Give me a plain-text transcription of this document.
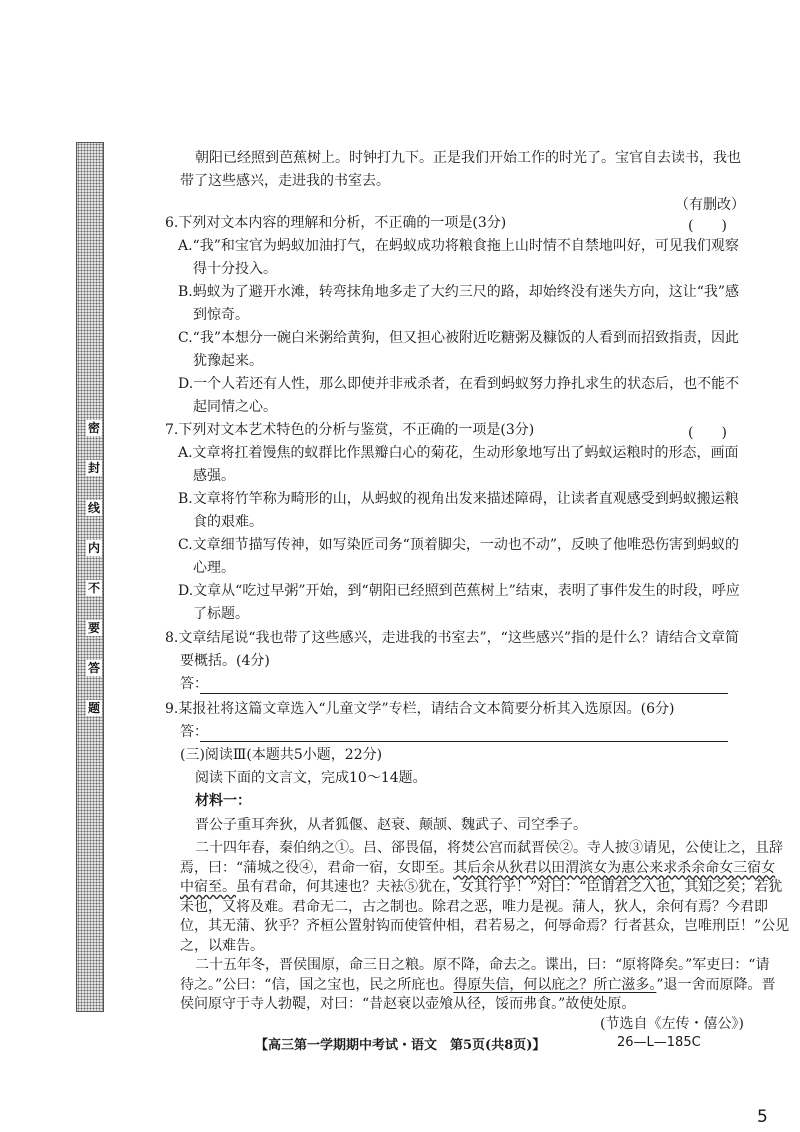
密
封
线
内
不
要
答
题
朝阳已经照到芭蕉树上。时钟打九下。正是我们开始工作的时光了。宝官自去读书，我也
带了这些感兴，走进我的书室去。
（有删改）
6.下列对文本内容的理解和分析，不正确的一项是(3分)	(　　)
A.“我”和宝官为蚂蚁加油打气，在蚂蚁成功将粮食拖上山时情不自禁地叫好，可见我们观察
得十分投入。
B.蚂蚁为了避开水滩，转弯抹角地多走了大约三尺的路，却始终没有迷失方向，这让“我”感
到惊奇。
C.“我”本想分一碗白米粥给黄狗，但又担心被附近吃糖粥及糠饭的人看到而招致指责，因此
犹豫起来。
D.一个人若还有人性，那么即使并非戒杀者，在看到蚂蚁努力挣扎求生的状态后，也不能不
起同情之心。
7.下列对文本艺术特色的分析与鉴赏，不正确的一项是(3分)	(　　)
A.文章将扛着馒焦的蚁群比作黑瓣白心的菊花，生动形象地写出了蚂蚁运粮时的形态，画面
感强。
B.文章将竹竿称为畸形的山，从蚂蚁的视角出发来描述障碍，让读者直观感受到蚂蚁搬运粮
食的艰难。
C.文章细节描写传神，如写染匠司务“顶着脚尖，一动也不动”，反映了他唯恐伤害到蚂蚁的
心理。
D.文章从“吃过早粥”开始，到“朝阳已经照到芭蕉树上”结束，表明了事件发生的时段，呼应
了标题。
8.文章结尾说“我也带了这些感兴，走进我的书室去”，“这些感兴”指的是什么？请结合文章简
要概括。(4分)
答：
9.某报社将这篇文章选入“儿童文学”专栏，请结合文本简要分析其入选原因。(6分)
答：
(三)阅读Ⅲ(本题共5小题，22分)
阅读下面的文言文，完成10～14题。
材料一：
晋公子重耳奔狄，从者狐偃、赵衰、颠颉、魏武子、司空季子。
二十四年春，秦伯纳之①。吕、郤畏偪，将焚公宫而弑晋侯②。寺人披③请见，公使让之，且辞
焉，曰：“蒲城之役④，君命一宿，女即至。其后余从狄君以田渭滨女为惠公来求杀余命女三宿女
中宿至。虽有君命，何其速也？夫袪⑤犹在，女其行乎！”对曰：“臣谓君之入也，其知之矣；若犹
未也，又将及难。君命无二，古之制也。除君之恶，唯力是视。蒲人，狄人，余何有焉？今君即
位，其无蒲、狄乎？齐桓公置射钩而使管仲相，君若易之，何辱命焉？行者甚众，岂唯刑臣！”公见
之，以难告。
二十五年冬，晋侯围原，命三日之粮。原不降，命去之。谍出，曰：“原将降矣。”军吏曰：“请
待之。”公曰：“信，国之宝也，民之所庇也。得原失信，何以庇之？所亡滋多。”退一舍而原降。晋
侯问原守于寺人勃鞮，对曰：“昔赵衰以壶飧从径，馁而弗食。”故使处原。
(节选自《左传・僖公》)
【高三第一学期期中考试・语文　第5页(共8页)】	26—L—185C
5
